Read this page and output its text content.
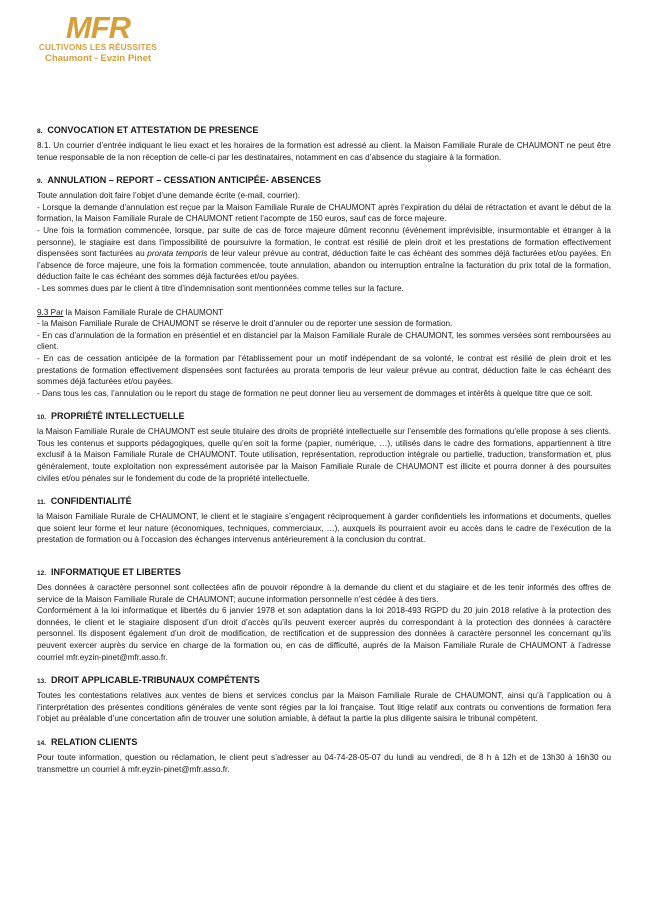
MFR
CULTIVONS LES RÉUSSITES
Chaumont - Evzin Pinet
8. CONVOCATION ET ATTESTATION DE PRESENCE

8.1. Un courrier d’entrée indiquant le lieu exact et les horaires de la formation est adressé au client. la Maison Familiale Rurale de CHAUMONT ne peut être tenue responsable de la non réception de celle-ci par les destinataires, notamment en cas d’absence du stagiaire à la formation.

9. ANNULATION – REPORT – CESSATION ANTICIPÉE- ABSENCES

Toute annulation doit faire l’objet d’une demande écrite (e-mail, courrier).

- Lorsque la demande d’annulation est reçue par la Maison Familiale Rurale de CHAUMONT après l’expiration du délai de rétractation et avant le début de la formation, la Maison Familiale Rurale de CHAUMONT retient l’acompte de 150 euros, sauf cas de force majeure.

- Une fois la formation commencée, lorsque, par suite de cas de force majeure dûment reconnu (événement imprévisible, insurmontable et étranger à la personne), le stagiaire est dans l’impossibilité de poursuivre la formation, le contrat est résilié de plein droit et les prestations de formation effectivement dispensées sont facturées au prorata temporis de leur valeur prévue au contrat, déduction faite le cas échéant des sommes déjà facturées et/ou payées. En l’absence de force majeure, une fois la formation commencée, toute annulation, abandon ou interruption entraîne la facturation du prix total de la formation, déduction faite le cas échéant des sommes déjà facturées et/ou payées.

- Les sommes dues par le client à titre d’indemnisation sont mentionnées comme telles sur la facture.

9.3 Par la Maison Familiale Rurale de CHAUMONT

- la Maison Familiale Rurale de CHAUMONT se réserve le droit d’annuler ou de reporter une session de formation.

- En cas d’annulation de la formation en présentiel et en distanciel par la Maison Familiale Rurale de CHAUMONT, les sommes versées sont remboursées au client.

- En cas de cessation anticipée de la formation par l’établissement pour un motif indépendant de sa volonté, le contrat est résilié de plein droit et les prestations de formation effectivement dispensées sont facturées au prorata temporis de leur valeur prévue au contrat, déduction faite le cas échéant des sommes déjà facturées et/ou payées.

- Dans tous les cas, l’annulation ou le report du stage de formation ne peut donner lieu au versement de dommages et intérêts à quelque titre que ce soit.

10. PROPRIÉTÉ INTELLECTUELLE

la Maison Familiale Rurale de CHAUMONT est seule titulaire des droits de propriété intellectuelle sur l’ensemble des formations qu’elle propose à ses clients. Tous les contenus et supports pédagogiques, quelle qu’en soit la forme (papier, numérique, …), utilisés dans le cadre des formations, appartiennent à titre exclusif à la Maison Familiale Rurale de CHAUMONT. Toute utilisation, représentation, reproduction intégrale ou partielle, traduction, transformation et, plus généralement, toute exploitation non expressément autorisée par la Maison Familiale Rurale de CHAUMONT est illicite et pourra donner à des poursuites civiles et/ou pénales sur le fondement du code de la propriété intellectuelle.

11. CONFIDENTIALITÉ

la Maison Familiale Rurale de CHAUMONT, le client et le stagiaire s’engagent réciproquement à garder confidentiels les informations et documents, quelles que soient leur forme et leur nature (économiques, techniques, commerciaux, …), auxquels ils pourraient avoir eu accès dans le cadre de l’exécution de la prestation de formation ou à l’occasion des échanges intervenus antérieurement à la conclusion du contrat.

12. INFORMATIQUE ET LIBERTES

Des données à caractère personnel sont collectées afin de pouvoir répondre à la demande du client et du stagiaire et de les tenir informés des offres de service de la Maison Familiale Rurale de CHAUMONT; aucune information personnelle n’est cédée à des tiers.

Conformément à la loi informatique et libertés du 6 janvier 1978 et son adaptation dans la loi 2018-493 RGPD du 20 juin 2018 relative à la protection des données, le client et le stagiaire disposent d’un droit d’accès qu’ils peuvent exercer auprès du correspondant à la protection des données à caractère personnel. Ils disposent également d’un droit de modification, de rectification et de suppression des données à caractère personnel les concernant qu’ils peuvent exercer auprès du service en charge de la formation ou, en cas de difficulté, auprès de la Maison Familiale Rurale de CHAUMONT à l’adresse courriel mfr.eyzin-pinet@mfr.asso.fr.

13. DROIT APPLICABLE-TRIBUNAUX COMPÉTENTS

Toutes les contestations relatives aux ventes de biens et services conclus par la Maison Familiale Rurale de CHAUMONT, ainsi qu’à l’application ou à l’interprétation des présentes conditions générales de vente sont régies par la loi française. Tout litige relatif aux contrats ou conventions de formation fera l’objet au préalable d’une concertation afin de trouver une solution amiable, à défaut la partie la plus diligente saisira le tribunal compétent.

14. RELATION CLIENTS

Pour toute information, question ou réclamation, le client peut s’adresser au 04-74-28-05-07 du lundi au vendredi, de 8 h à 12h et de 13h30 à 16h30 ou transmettre un courriel à mfr.eyzin-pinet@mfr.asso.fr.
